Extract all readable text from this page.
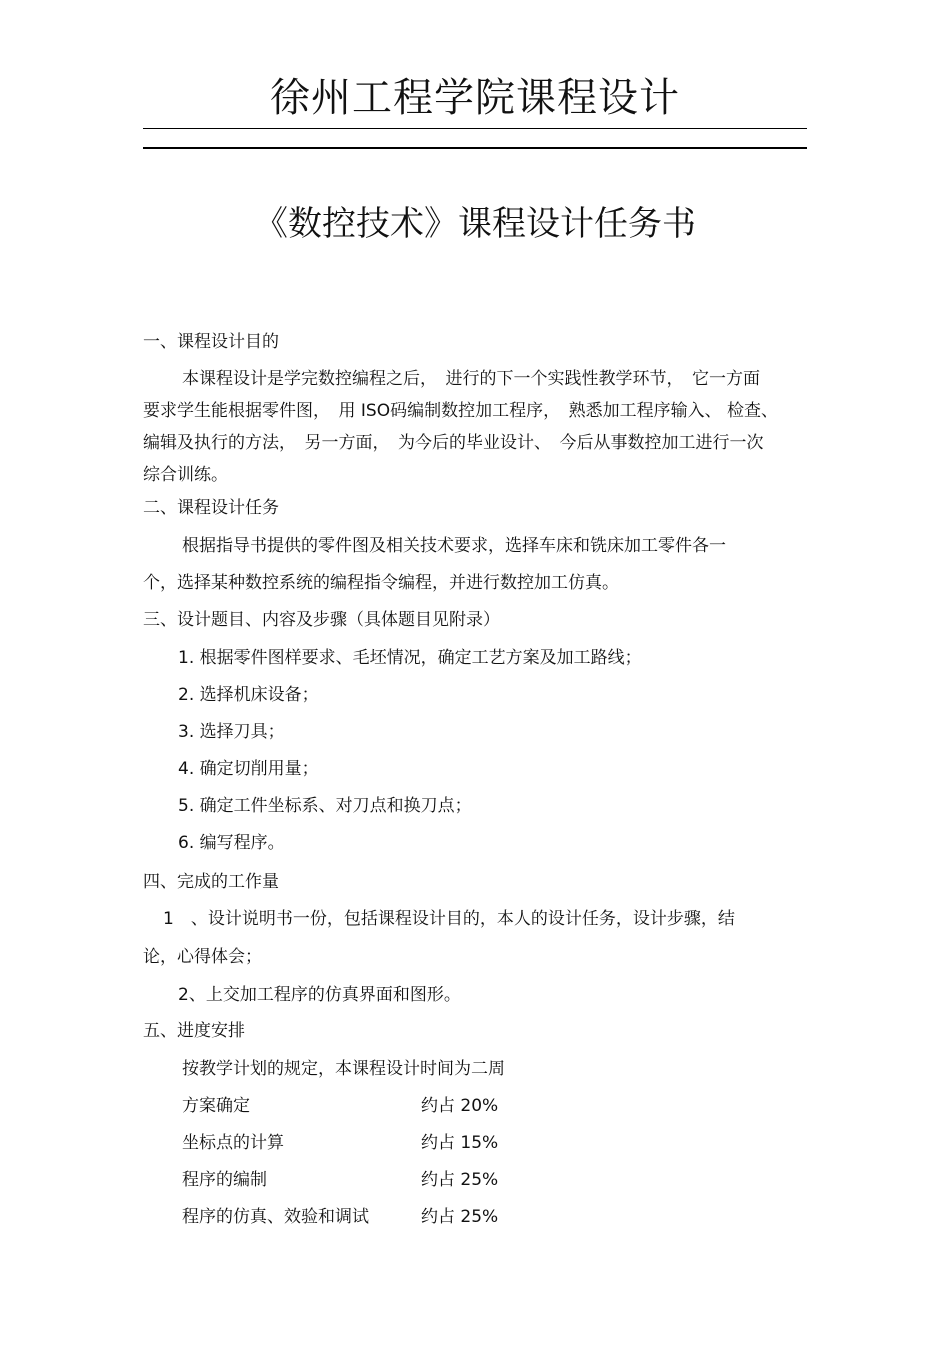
徐州工程学院课程设计
《数控技术》课程设计任务书
一、课程设计目的
本课程设计是学完数控编程之后，　进行的下一个实践性教学环节，　它一方面
要求学生能根据零件图，　用 ISO码编制数控加工程序，　熟悉加工程序输入、 检查、
编辑及执行的方法，　另一方面，　为今后的毕业设计、　今后从事数控加工进行一次
综合训练。
二、课程设计任务
根据指导书提供的零件图及相关技术要求，选择车床和铣床加工零件各一
个，选择某种数控系统的编程指令编程，并进行数控加工仿真。
三、设计题目、内容及步骤（具体题目见附录）
1. 根据零件图样要求、毛坯情况，确定工艺方案及加工路线；
2. 选择机床设备；
3. 选择刀具；
4. 确定切削用量；
5. 确定工件坐标系、对刀点和换刀点；
6. 编写程序。
四、完成的工作量
1　、设计说明书一份，包括课程设计目的，本人的设计任务，设计步骤，结
论，心得体会；
2、上交加工程序的仿真界面和图形。
五、进度安排
按教学计划的规定，本课程设计时间为二周
方案确定	约占 20%
坐标点的计算	约占 15%
程序的编制	约占 25%
程序的仿真、效验和调试	约占 25%
